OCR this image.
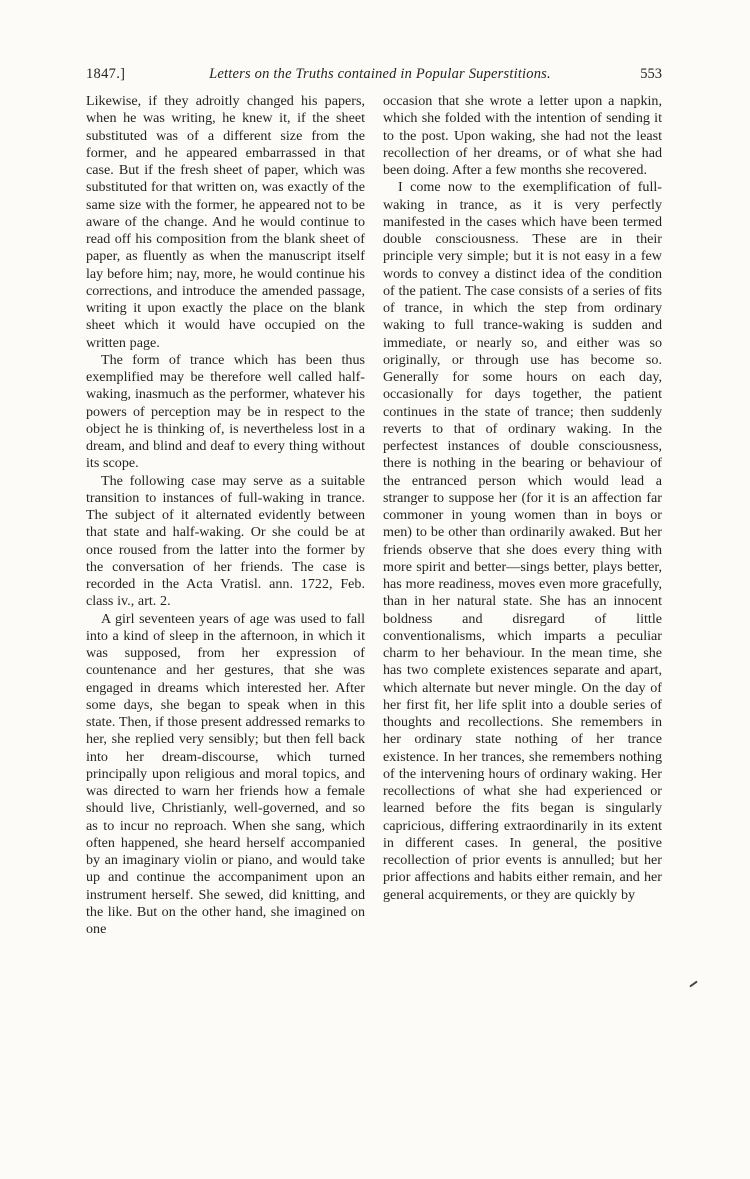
1847.]	Letters on the Truths contained in Popular Superstitions.	553

Likewise, if they adroitly changed his papers, when he was writing, he knew it, if the sheet substituted was of a different size from the former, and he appeared embarrassed in that case. But if the fresh sheet of paper, which was substituted for that written on, was exactly of the same size with the former, he appeared not to be aware of the change. And he would continue to read off his composition from the blank sheet of paper, as fluently as when the manuscript itself lay before him; nay, more, he would continue his corrections, and introduce the amended passage, writing it upon exactly the place on the blank sheet which it would have occupied on the written page.

The form of trance which has been thus exemplified may be therefore well called half-waking, inasmuch as the performer, whatever his powers of perception may be in respect to the object he is thinking of, is nevertheless lost in a dream, and blind and deaf to every thing without its scope.

The following case may serve as a suitable transition to instances of full-waking in trance. The subject of it alternated evidently between that state and half-waking. Or she could be at once roused from the latter into the former by the conversation of her friends. The case is recorded in the Acta Vratisl. ann. 1722, Feb. class iv., art. 2.

A girl seventeen years of age was used to fall into a kind of sleep in the afternoon, in which it was supposed, from her expression of countenance and her gestures, that she was engaged in dreams which interested her. After some days, she began to speak when in this state. Then, if those present addressed remarks to her, she replied very sensibly; but then fell back into her dream-discourse, which turned principally upon religious and moral topics, and was directed to warn her friends how a female should live, Christianly, well-governed, and so as to incur no reproach. When she sang, which often happened, she heard herself accompanied by an imaginary violin or piano, and would take up and continue the accompaniment upon an instrument herself. She sewed, did knitting, and the like. But on the other hand, she imagined on one

occasion that she wrote a letter upon a napkin, which she folded with the intention of sending it to the post. Upon waking, she had not the least recollection of her dreams, or of what she had been doing. After a few months she recovered.

I come now to the exemplification of full-waking in trance, as it is very perfectly manifested in the cases which have been termed double consciousness. These are in their principle very simple; but it is not easy in a few words to convey a distinct idea of the condition of the patient. The case consists of a series of fits of trance, in which the step from ordinary waking to full trance-waking is sudden and immediate, or nearly so, and either was so originally, or through use has become so. Generally for some hours on each day, occasionally for days together, the patient continues in the state of trance; then suddenly reverts to that of ordinary waking. In the perfectest instances of double consciousness, there is nothing in the bearing or behaviour of the entranced person which would lead a stranger to suppose her (for it is an affection far commoner in young women than in boys or men) to be other than ordinarily awaked. But her friends observe that she does every thing with more spirit and better—sings better, plays better, has more readiness, moves even more gracefully, than in her natural state. She has an innocent boldness and disregard of little conventionalisms, which imparts a peculiar charm to her behaviour. In the mean time, she has two complete existences separate and apart, which alternate but never mingle. On the day of her first fit, her life split into a double series of thoughts and recollections. She remembers in her ordinary state nothing of her trance existence. In her trances, she remembers nothing of the intervening hours of ordinary waking. Her recollections of what she had experienced or learned before the fits began is singularly capricious, differing extraordinarily in its extent in different cases. In general, the positive recollection of prior events is annulled; but her prior affections and habits either remain, and her general acquirements, or they are quickly by
